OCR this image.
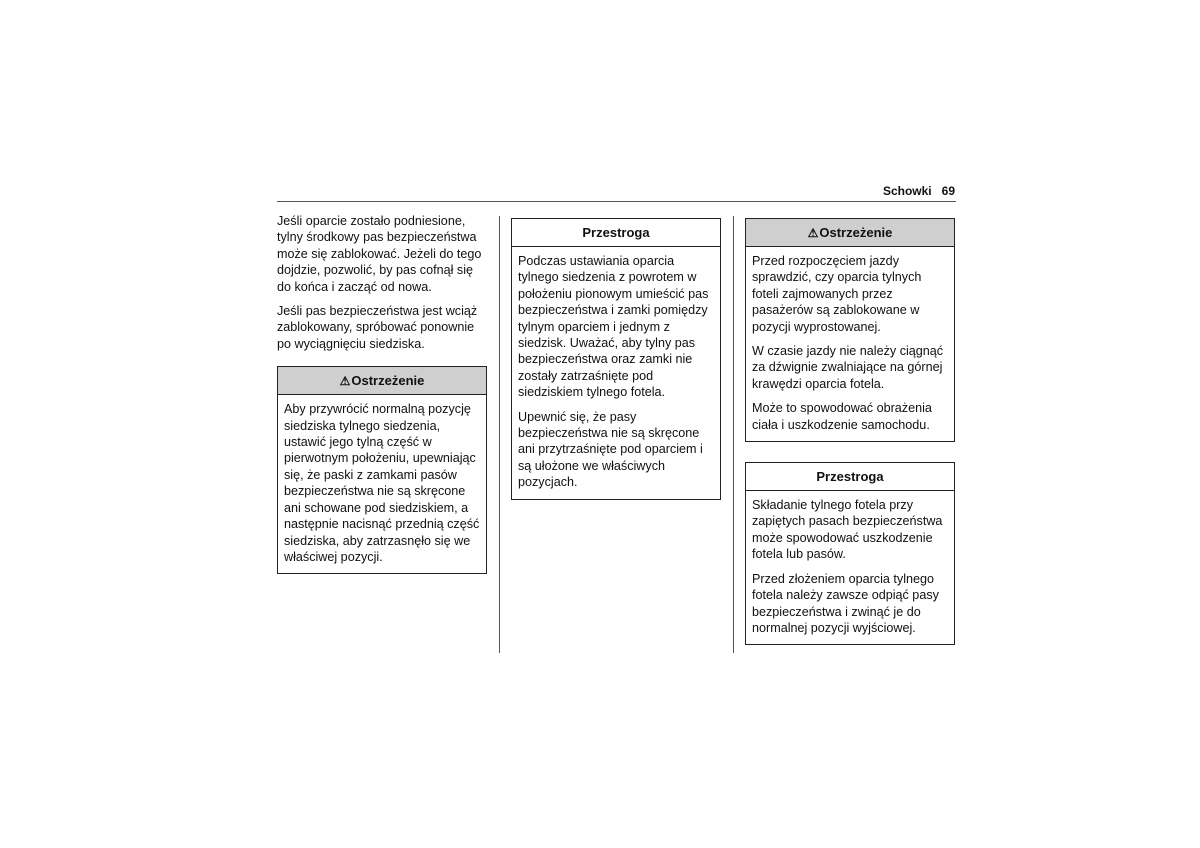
Schowki 69

Jeśli oparcie zostało podniesione, tylny środkowy pas bezpieczeństwa może się zablokować. Jeżeli do tego dojdzie, pozwolić, by pas cofnął się do końca i zacząć od nowa.

Jeśli pas bezpieczeństwa jest wciąż zablokowany, spróbować ponownie po wyciągnięciu siedziska.

⚠Ostrzeżenie

Aby przywrócić normalną pozycję siedziska tylnego siedzenia, ustawić jego tylną część w pierwotnym położeniu, upewniając się, że paski z zamkami pasów bezpieczeństwa nie są skręcone ani schowane pod siedziskiem, a następnie nacisnąć przednią część siedziska, aby zatrzasnęło się we właściwej pozycji.

Przestroga

Podczas ustawiania oparcia tylnego siedzenia z powrotem w położeniu pionowym umieścić pas bezpieczeństwa i zamki pomiędzy tylnym oparciem i jednym z siedzisk. Uważać, aby tylny pas bezpieczeństwa oraz zamki nie zostały zatrzaśnięte pod siedziskiem tylnego fotela.

Upewnić się, że pasy bezpieczeństwa nie są skręcone ani przytrzaśnięte pod oparciem i są ułożone we właściwych pozycjach.

⚠Ostrzeżenie

Przed rozpoczęciem jazdy sprawdzić, czy oparcia tylnych foteli zajmowanych przez pasażerów są zablokowane w pozycji wyprostowanej.

W czasie jazdy nie należy ciągnąć za dźwignie zwalniające na górnej krawędzi oparcia fotela.

Może to spowodować obrażenia ciała i uszkodzenie samochodu.

Przestroga

Składanie tylnego fotela przy zapiętych pasach bezpieczeństwa może spowodować uszkodzenie fotela lub pasów.

Przed złożeniem oparcia tylnego fotela należy zawsze odpiąć pasy bezpieczeństwa i zwinąć je do normalnej pozycji wyjściowej.
